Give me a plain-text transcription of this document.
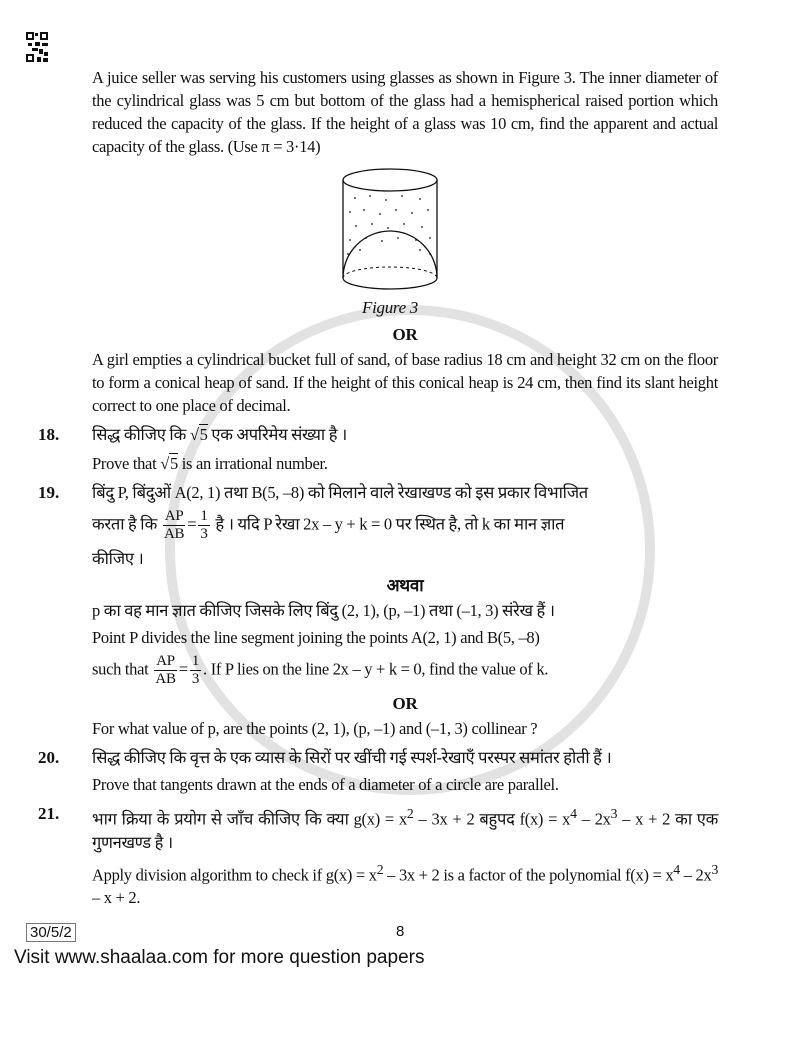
A juice seller was serving his customers using glasses as shown in Figure 3. The inner diameter of the cylindrical glass was 5 cm but bottom of the glass had a hemispherical raised portion which reduced the capacity of the glass. If the height of a glass was 10 cm, find the apparent and actual capacity of the glass. (Use π = 3·14)
Figure 3
OR
A girl empties a cylindrical bucket full of sand, of base radius 18 cm and height 32 cm on the floor to form a conical heap of sand. If the height of this conical heap is 24 cm, then find its slant height correct to one place of decimal.
18. सिद्ध कीजिए कि √5 एक अपरिमेय संख्या है ।
Prove that √5 is an irrational number.
19. बिंदु P, बिंदुओं A(2, 1) तथा B(5, –8) को मिलाने वाले रेखाखण्ड को इस प्रकार विभाजित
करता है कि $\frac{AP}{AB} = \frac{1}{3}$ है । यदि P रेखा 2x – y + k = 0 पर स्थित है, तो k का मान ज्ञात
कीजिए ।
अथवा
p का वह मान ज्ञात कीजिए जिसके लिए बिंदु (2, 1), (p, –1) तथा (–1, 3) संरेख हैं ।
Point P divides the line segment joining the points A(2, 1) and B(5, –8)
such that $\frac{AP}{AB} = \frac{1}{3}$ . If P lies on the line 2x – y + k = 0, find the value of k.
OR
For what value of p, are the points (2, 1), (p, –1) and (–1, 3) collinear ?
20. सिद्ध कीजिए कि वृत्त के एक व्यास के सिरों पर खींची गई स्पर्श-रेखाएँ परस्पर समांतर होती हैं ।
Prove that tangents drawn at the ends of a diameter of a circle are parallel.
21. भाग क्रिया के प्रयोग से जाँच कीजिए कि क्या $g(x) = x^2 - 3x + 2$ बहुपद $f(x) = x^4 - 2x^3 - x + 2$ का एक गुणनखण्ड है ।
Apply division algorithm to check if $g(x) = x^2 - 3x + 2$ is a factor of the polynomial $f(x) = x^4 - 2x^3 - x + 2$.
30/5/2	8
Visit www.shaalaa.com for more question papers
